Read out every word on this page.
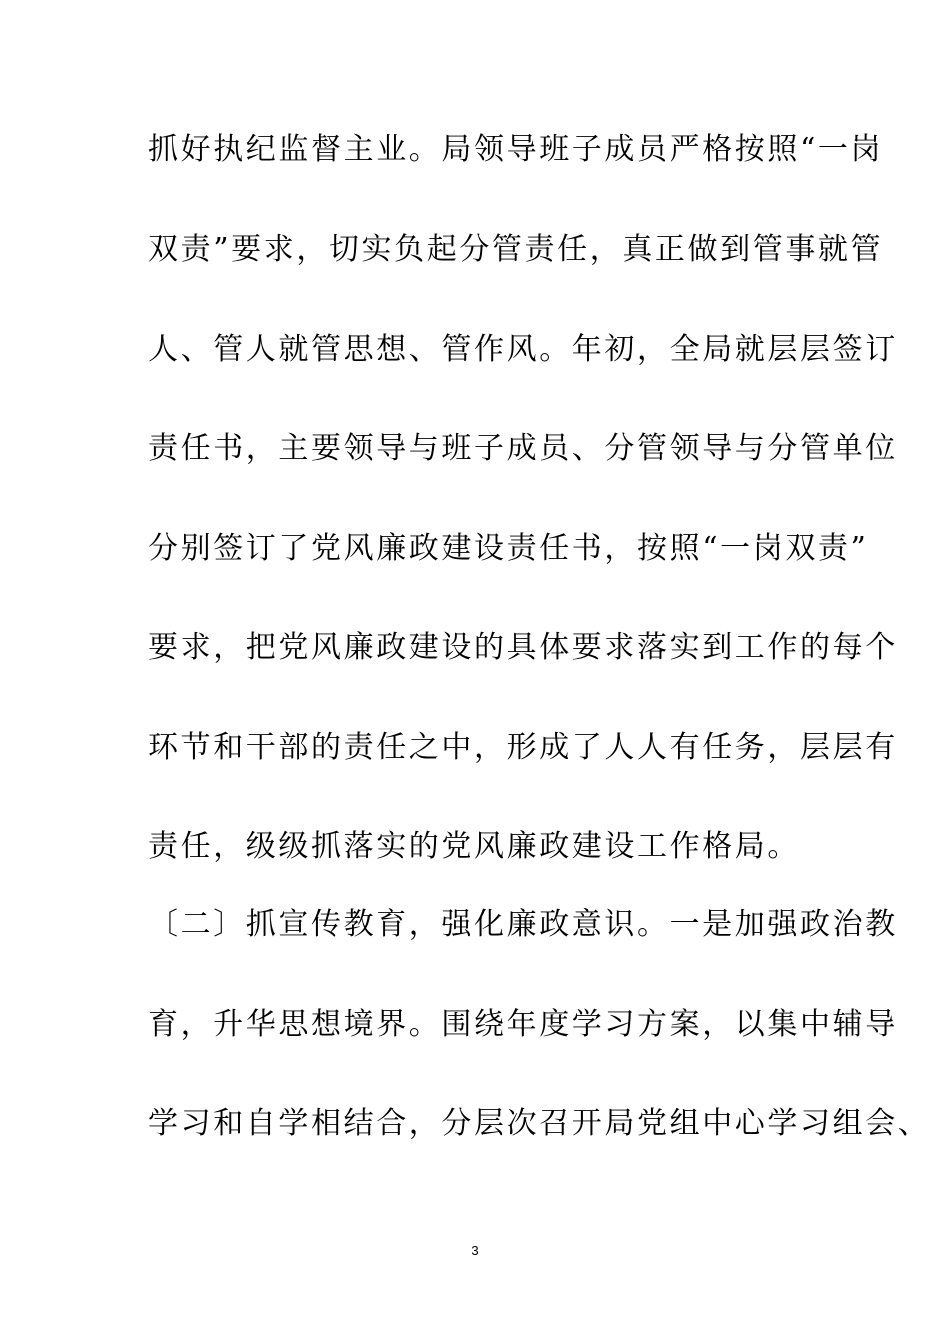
抓好执纪监督主业。局领导班子成员严格按照“一岗
双责”要求，切实负起分管责任，真正做到管事就管
人、管人就管思想、管作风。年初，全局就层层签订
责任书，主要领导与班子成员、分管领导与分管单位
分别签订了党风廉政建设责任书，按照“一岗双责”
要求，把党风廉政建设的具体要求落实到工作的每个
环节和干部的责任之中，形成了人人有任务，层层有
责任，级级抓落实的党风廉政建设工作格局。
〔二〕抓宣传教育，强化廉政意识。一是加强政治教
育，升华思想境界。围绕年度学习方案，以集中辅导
学习和自学相结合，分层次召开局党组中心学习组会、
3
